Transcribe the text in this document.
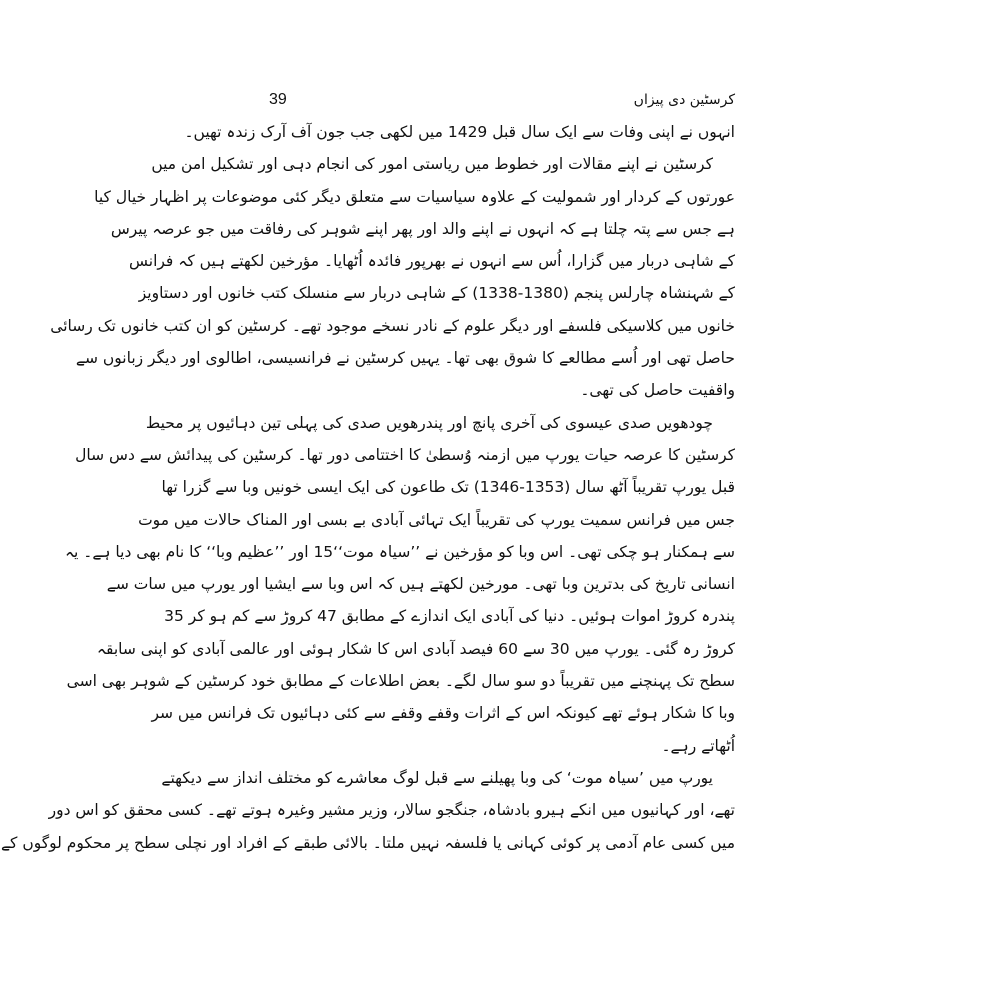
39	کرسٹین دی پیزاں
انہوں نے اپنی وفات سے ایک سال قبل 1429 میں لکھی جب جون آف آرک زندہ تھیں۔
کرسٹین نے اپنے مقالات اور خطوط میں ریاستی امور کی انجام دہی اور تشکیل امن میں
عورتوں کے کردار اور شمولیت کے علاوہ سیاسیات سے متعلق دیگر کئی موضوعات پر اظہار خیال کیا
ہے جس سے پتہ چلتا ہے کہ انہوں نے اپنے والد اور پھر اپنے شوہر کی رفاقت میں جو عرصہ پیرس
کے شاہی دربار میں گزارا، اُس سے انہوں نے بھرپور فائدہ اُٹھایا۔ مؤرخین لکھتے ہیں کہ فرانس
کے شہنشاہ چارلس پنجم (1380-1338) کے شاہی دربار سے منسلک کتب خانوں اور دستاویز
خانوں میں کلاسیکی فلسفے اور دیگر علوم کے نادر نسخے موجود تھے۔ کرسٹین کو ان کتب خانوں تک رسائی
حاصل تھی اور اُسے مطالعے کا شوق بھی تھا۔ یہیں کرسٹین نے فرانسیسی، اطالوی اور دیگر زبانوں سے
واقفیت حاصل کی تھی۔
چودھویں صدی عیسوی کی آخری پانچ اور پندرھویں صدی کی پہلی تین دہائیوں پر محیط
کرسٹین کا عرصہ حیات یورپ میں ازمنہ وُسطیٰ کا اختتامی دور تھا۔ کرسٹین کی پیدائش سے دس سال
قبل یورپ تقریباً آٹھ سال (1353-1346) تک طاعون کی ایک ایسی خونیں وبا سے گزرا تھا
جس میں فرانس سمیت یورپ کی تقریباً ایک تہائی آبادی بے بسی اور المناک حالات میں موت
سے ہمکنار ہو چکی تھی۔ اس وبا کو مؤرخین نے ’’سیاہ موت‘‘15 اور ’’عظیم وبا‘‘ کا نام بھی دیا ہے۔ یہ
انسانی تاریخ کی بدترین وبا تھی۔ مورخین لکھتے ہیں کہ اس وبا سے ایشیا اور یورپ میں سات سے
پندرہ کروڑ اموات ہوئیں۔ دنیا کی آبادی ایک اندازے کے مطابق 47 کروڑ سے کم ہو کر 35
کروڑ رہ گئی۔ یورپ میں 30 سے 60 فیصد آبادی اس کا شکار ہوئی اور عالمی آبادی کو اپنی سابقہ
سطح تک پہنچنے میں تقریباً دو سو سال لگے۔ بعض اطلاعات کے مطابق خود کرسٹین کے شوہر بھی اسی
وبا کا شکار ہوئے تھے کیونکہ اس کے اثرات وقفے وقفے سے کئی دہائیوں تک فرانس میں سر
اُٹھاتے رہے۔
یورپ میں ’سیاہ موت‘ کی وبا پھیلنے سے قبل لوگ معاشرے کو مختلف انداز سے دیکھتے
تھے، اور کہانیوں میں انکے ہیرو بادشاہ، جنگجو سالار، وزیر مشیر وغیرہ ہوتے تھے۔ کسی محقق کو اس دور
میں کسی عام آدمی پر کوئی کہانی یا فلسفہ نہیں ملتا۔ بالائی طبقے کے افراد اور نچلی سطح پر محکوم لوگوں کے
